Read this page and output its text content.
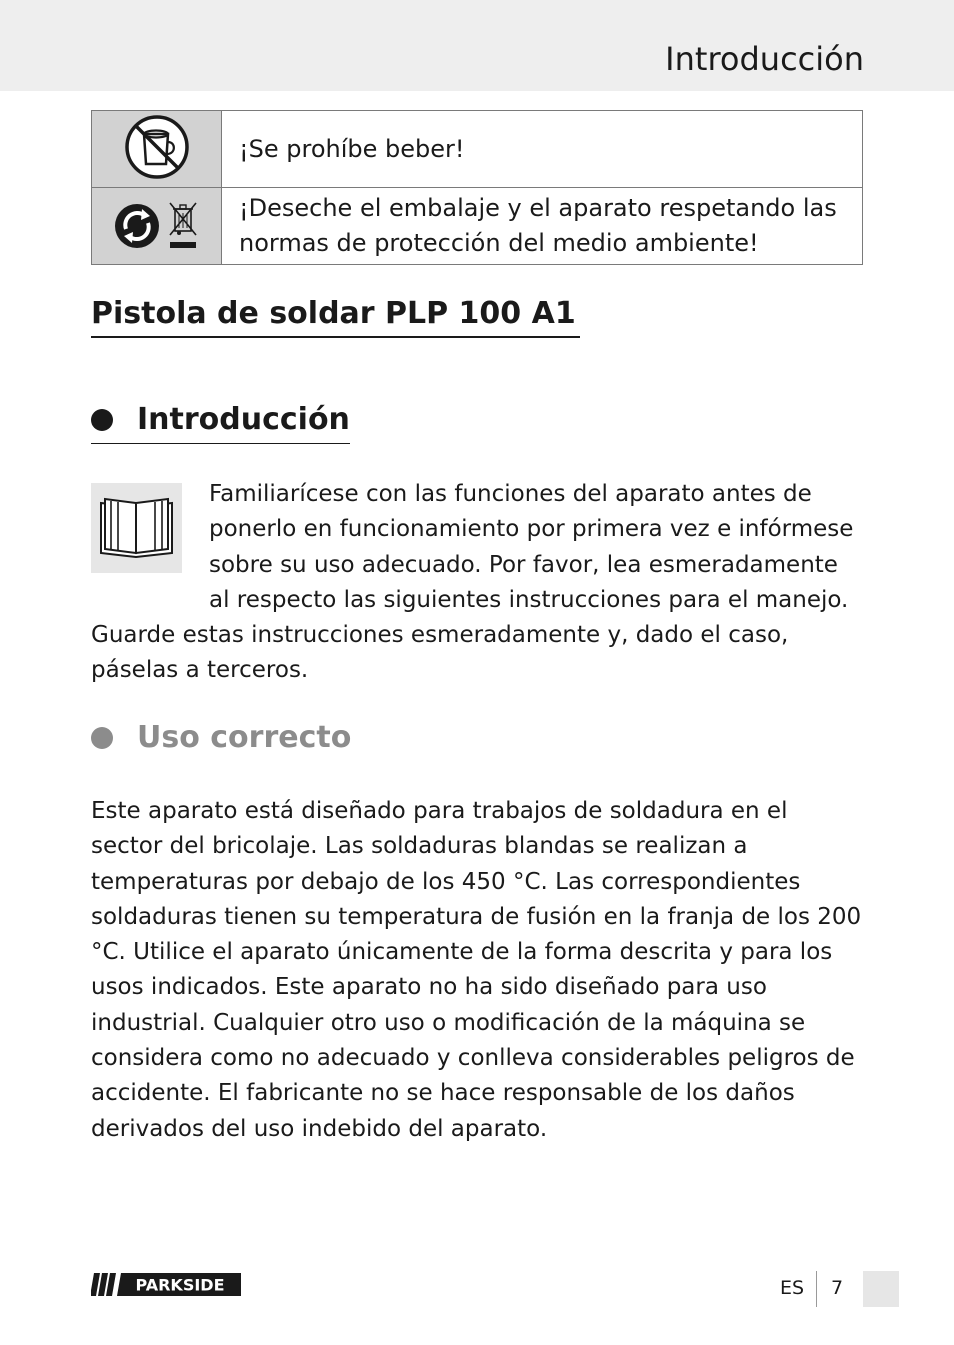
Introducción
	¡Se prohíbe beber!
	¡Deseche el embalaje y el aparato respetando las normas de protección del medio ambiente!
Pistola de soldar PLP 100 A1
Introducción

Familiarícese con las funciones del aparato antes de ponerlo en funcionamiento por primera vez e infórmese sobre su uso adecuado. Por favor, lea esmeradamente al respecto las siguientes instrucciones para el manejo. Guarde estas instrucciones esmeradamente y, dado el caso, páselas a terceros.

Uso correcto

Este aparato está diseñado para trabajos de soldadura en el sector del bricolaje. Las soldaduras blandas se realizan a temperaturas por debajo de los 450 °C. Las correspondientes soldaduras tienen su temperatura de fusión en la franja de los 200 °C. Utilice el aparato únicamente de la forma descrita y para los usos indicados. Este aparato no ha sido diseñado para uso industrial. Cualquier otro uso o modificación de la máquina se considera como no adecuado y conlleva considerables peligros de accidente. El fabricante no se hace responsable de los daños derivados del uso indebido del aparato.

PARKSIDE	ES 7
